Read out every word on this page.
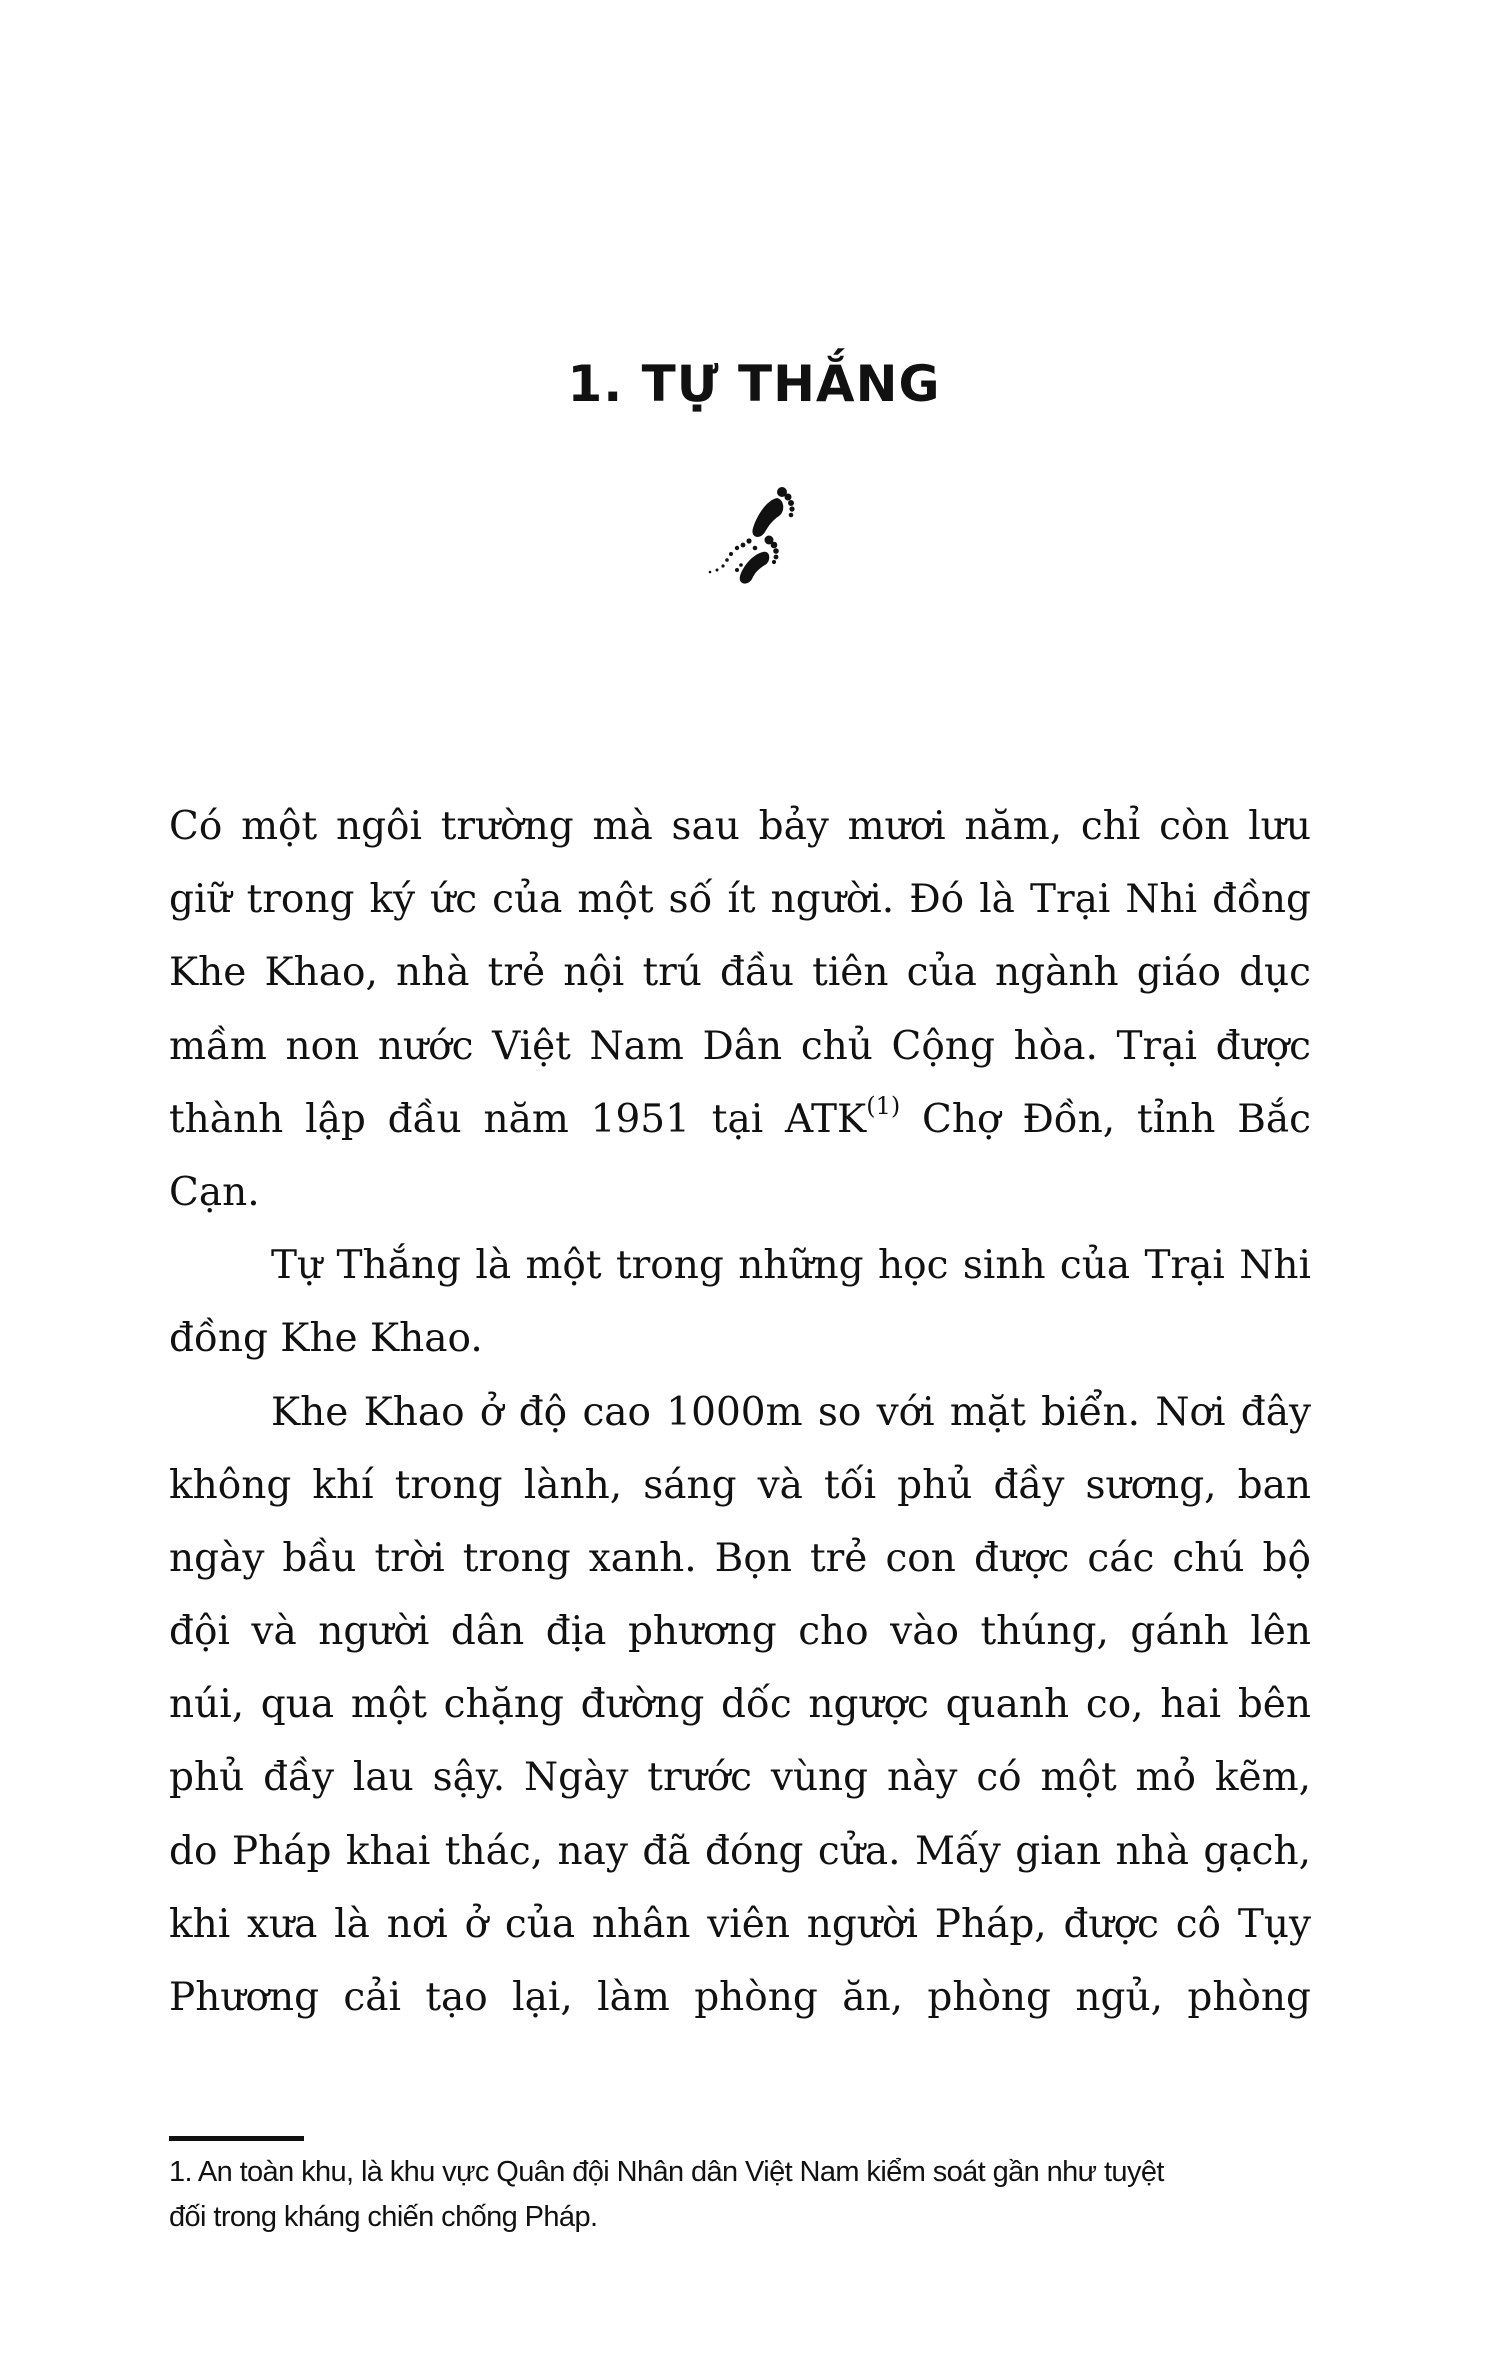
1. TỰ THẮNG
Có một ngôi trường mà sau bảy mươi năm, chỉ còn lưu
giữ trong ký ức của một số ít người. Đó là Trại Nhi đồng
Khe Khao, nhà trẻ nội trú đầu tiên của ngành giáo dục
mầm non nước Việt Nam Dân chủ Cộng hòa. Trại được
thành lập đầu năm 1951 tại ATK$^{(1)}$ Chợ Đồn, tỉnh Bắc
Cạn.
Tự Thắng là một trong những học sinh của Trại Nhi
đồng Khe Khao.
Khe Khao ở độ cao 1000m so với mặt biển. Nơi đây
không khí trong lành, sáng và tối phủ đầy sương, ban
ngày bầu trời trong xanh. Bọn trẻ con được các chú bộ
đội và người dân địa phương cho vào thúng, gánh lên
núi, qua một chặng đường dốc ngược quanh co, hai bên
phủ đầy lau sậy. Ngày trước vùng này có một mỏ kẽm,
do Pháp khai thác, nay đã đóng cửa. Mấy gian nhà gạch,
khi xưa là nơi ở của nhân viên người Pháp, được cô Tụy
Phương cải tạo lại, làm phòng ăn, phòng ngủ, phòng
1. An toàn khu, là khu vực Quân đội Nhân dân Việt Nam kiểm soát gần như tuyệt
đối trong kháng chiến chống Pháp.
